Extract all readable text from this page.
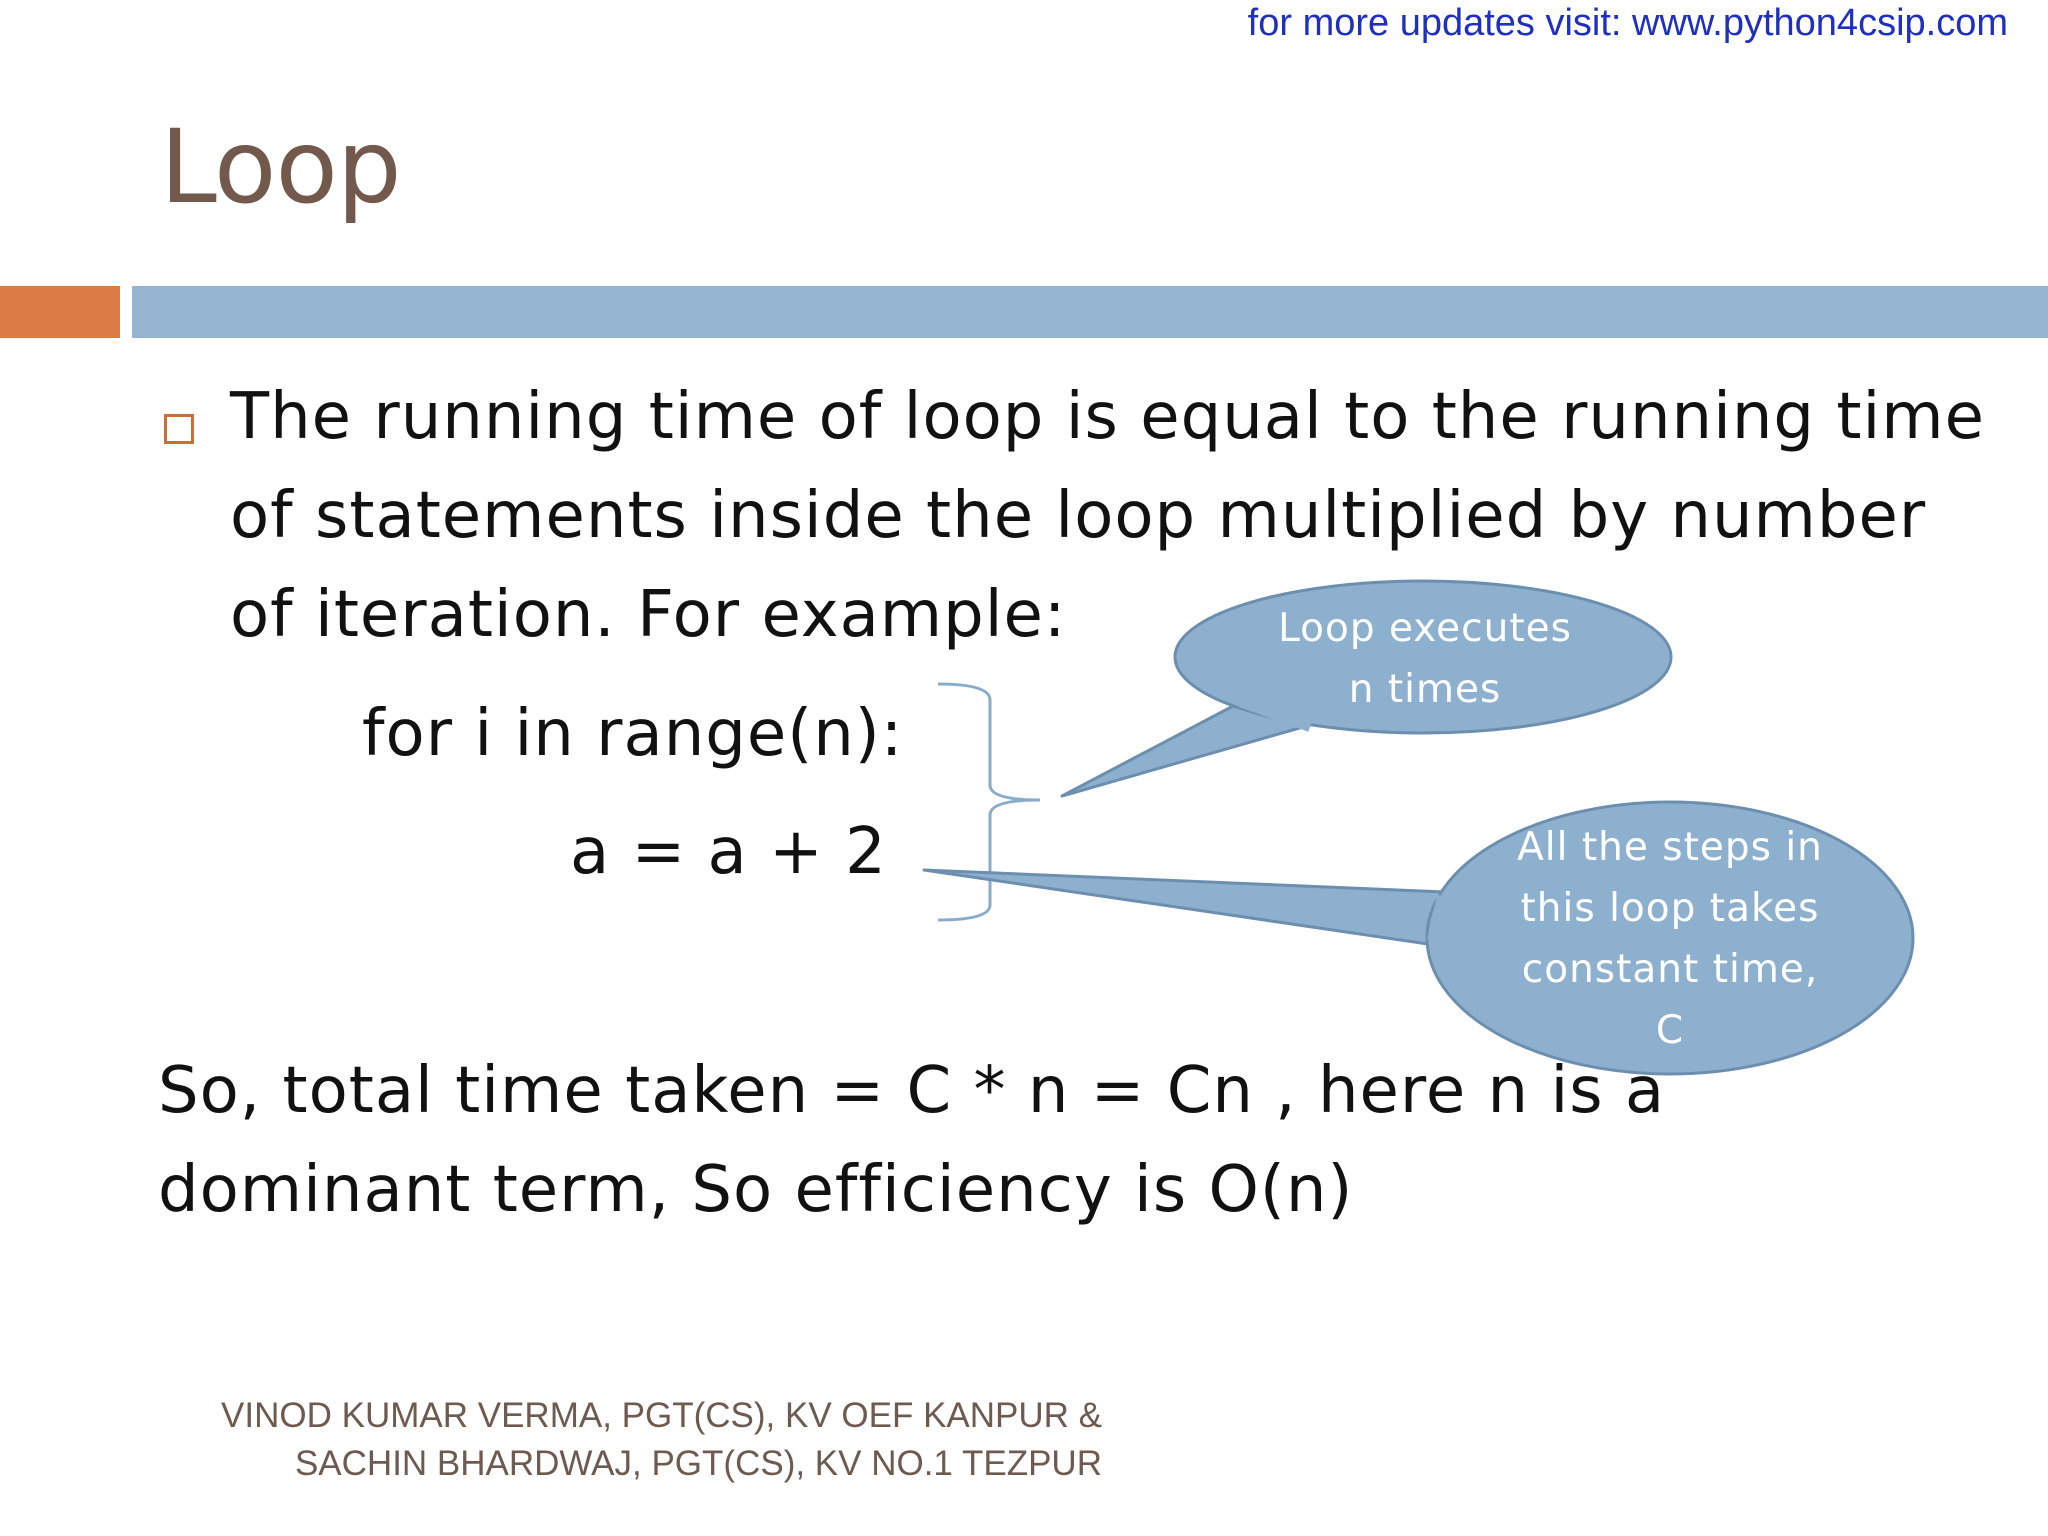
for more updates visit: www.python4csip.com
Loop
The running time of loop is equal to the running time
of statements inside the loop multiplied by number
of iteration. For example:
for i in range(n):
a = a + 2
Loop executes
n times
All the steps in
this loop takes
constant time,
C
So, total time taken = C * n = Cn , here n is a
dominant term, So efficiency is O(n)
VINOD KUMAR VERMA, PGT(CS), KV OEF KANPUR &
SACHIN BHARDWAJ, PGT(CS), KV NO.1 TEZPUR
